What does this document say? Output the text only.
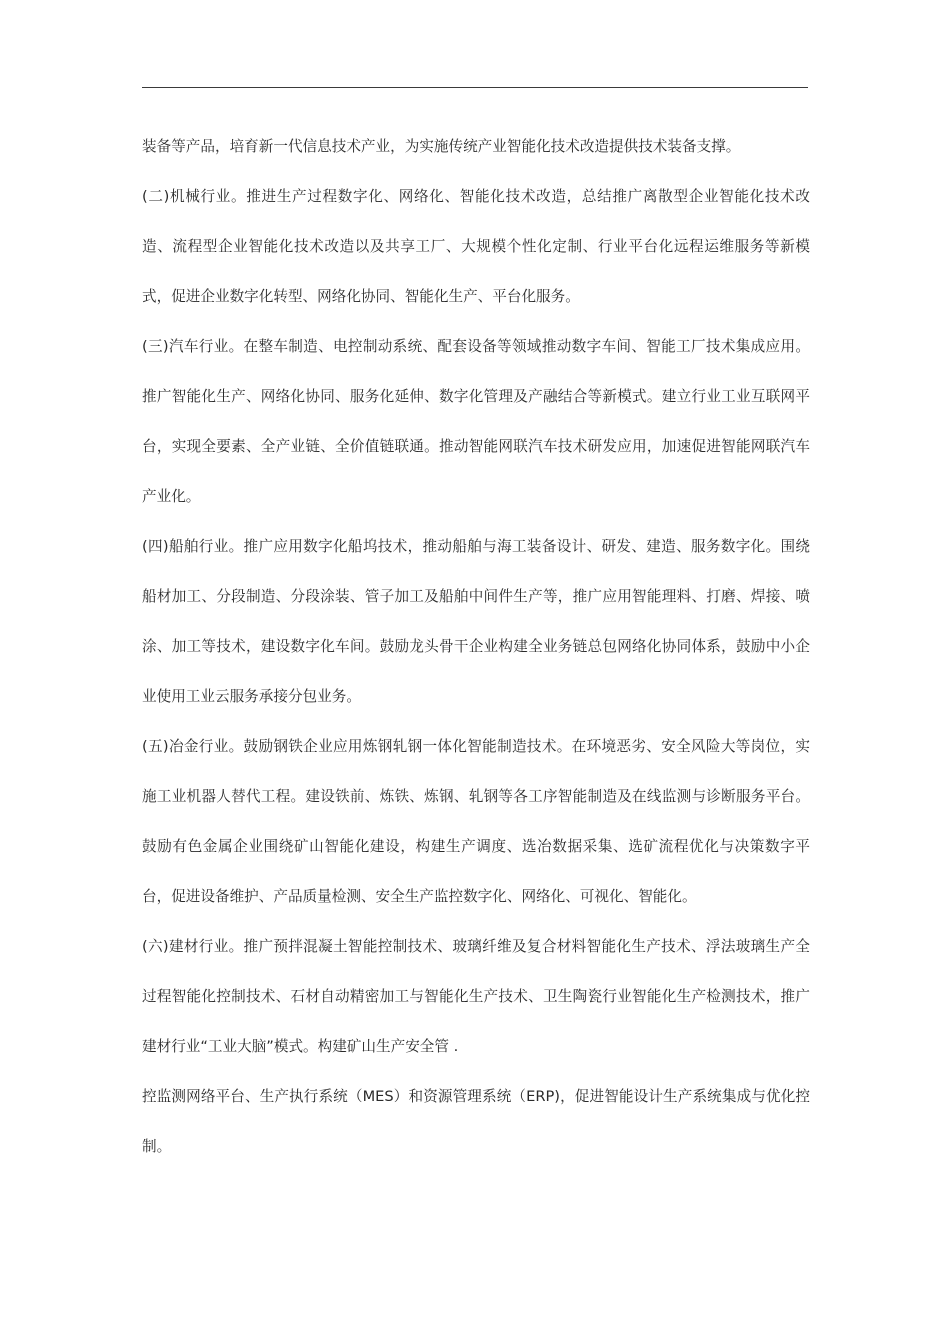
装备等产品，培育新一代信息技术产业，为实施传统产业智能化技术改造提供技术装备支撑。

(二)机械行业。推进生产过程数字化、网络化、智能化技术改造，总结推广离散型企业智能化技术改造、流程型企业智能化技术改造以及共享工厂、大规模个性化定制、行业平台化远程运维服务等新模式，促进企业数字化转型、网络化协同、智能化生产、平台化服务。

(三)汽车行业。在整车制造、电控制动系统、配套设备等领域推动数字车间、智能工厂技术集成应用。推广智能化生产、网络化协同、服务化延伸、数字化管理及产融结合等新模式。建立行业工业互联网平台，实现全要素、全产业链、全价值链联通。推动智能网联汽车技术研发应用，加速促进智能网联汽车产业化。

(四)船舶行业。推广应用数字化船坞技术，推动船舶与海工装备设计、研发、建造、服务数字化。围绕船材加工、分段制造、分段涂装、管子加工及船舶中间件生产等，推广应用智能理料、打磨、焊接、喷涂、加工等技术，建设数字化车间。鼓励龙头骨干企业构建全业务链总包网络化协同体系，鼓励中小企业使用工业云服务承接分包业务。

(五)冶金行业。鼓励钢铁企业应用炼钢轧钢一体化智能制造技术。在环境恶劣、安全风险大等岗位，实施工业机器人替代工程。建设铁前、炼铁、炼钢、轧钢等各工序智能制造及在线监测与诊断服务平台。鼓励有色金属企业围绕矿山智能化建设，构建生产调度、选冶数据采集、选矿流程优化与决策数字平台，促进设备维护、产品质量检测、安全生产监控数字化、网络化、可视化、智能化。

(六)建材行业。推广预拌混凝土智能控制技术、玻璃纤维及复合材料智能化生产技术、浮法玻璃生产全过程智能化控制技术、石材自动精密加工与智能化生产技术、卫生陶瓷行业智能化生产检测技术，推广建材行业“工业大脑”模式。构建矿山生产安全管 .

控监测网络平台、生产执行系统（MES）和资源管理系统（ERP)，促进智能设计生产系统集成与优化控制。
